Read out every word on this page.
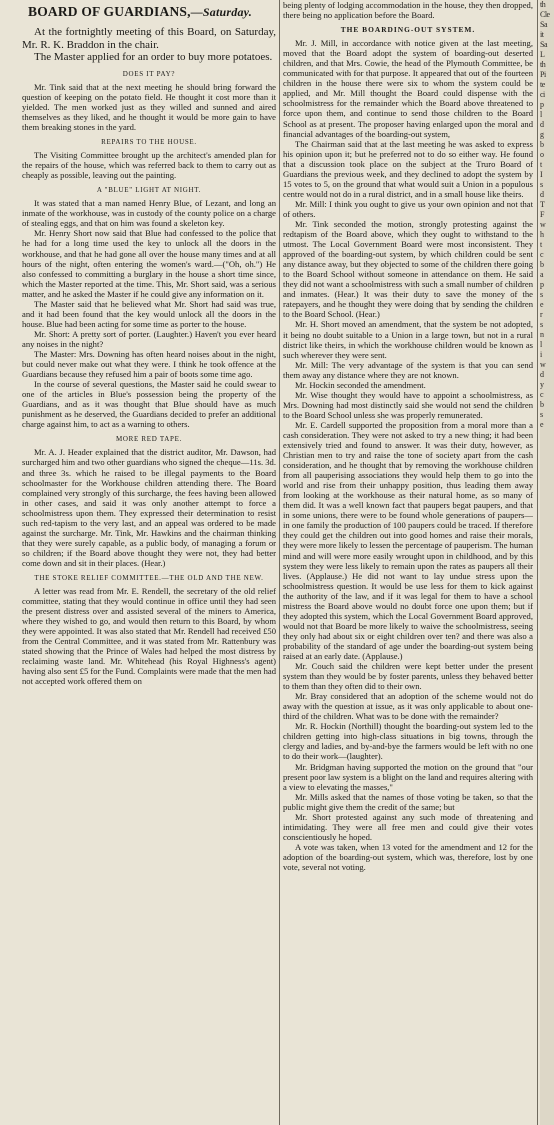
BOARD OF GUARDIANS,—Saturday.

At the fortnightly meeting of this Board, on Saturday, Mr. R. K. Braddon in the chair.

The Master applied for an order to buy more potatoes.

DOES IT PAY?

Mr. Tink said that at the next meeting he should bring forward the question of keeping on the potato field. He thought it cost more than it yielded. The men worked just as they willed and sunned and aired themselves as they liked, and he thought it would be more gain to have them breaking stones in the yard.

REPAIRS TO THE HOUSE.

The Visiting Committee brought up the architect's amended plan for the repairs of the house, which was referred back to them to carry out as cheaply as possible, leaving out the painting.

A "BLUE" LIGHT AT NIGHT.

It was stated that a man named Henry Blue, of Lezant, and long an inmate of the workhouse, was in custody of the county police on a charge of stealing eggs, and that on him was found a skeleton key.

Mr. Henry Short now said that Blue had confessed to the police that he had for a long time used the key to unlock all the doors in the workhouse, and that he had gone all over the house many times and at all hours of the night, often entering the women's ward.—("Oh, oh.") He also confessed to committing a burglary in the house a short time since, which the Master reported at the time. This, Mr. Short said, was a serious matter, and he asked the Master if he could give any information on it.

The Master said that he believed what Mr. Short had said was true, and it had been found that the key would unlock all the doors in the house. Blue had been acting for some time as porter to the house.

Mr. Short: A pretty sort of porter. (Laughter.) Haven't you ever heard any noises in the night?

The Master: Mrs. Downing has often heard noises about in the night, but could never make out what they were. I think he took offence at the Guardians because they refused him a pair of boots some time ago.

In the course of several questions, the Master said he could swear to one of the articles in Blue's possession being the property of the Guardians, and as it was thought that Blue should have as much punishment as he deserved, the Guardians decided to prefer an additional charge against him, to act as a warning to others.

MORE RED TAPE.

Mr. A. J. Header explained that the district auditor, Mr. Dawson, had surcharged him and two other guardians who signed the cheque—11s. 3d. and three 3s. which he raised to be illegal payments to the Board schoolmaster for the Workhouse children attending there. The Board complained very strongly of this surcharge, the fees having been allowed in other cases, and said it was only another attempt to force a schoolmistress upon them. They expressed their determination to resist such red-tapism to the very last, and an appeal was ordered to be made against the surcharge. Mr. Tink, Mr. Hawkins and the chairman thinking that they were surely capable, as a public body, of managing a forum or so children; if the Board above thought they were not, they had better come down and sit in their places. (Hear.)

THE STOKE RELIEF COMMITTEE.—THE OLD AND THE NEW.

A letter was read from Mr. E. Rendell, the secretary of the old relief committee, stating that they would continue in office until they had seen the present distress over and assisted several of the miners to America, where they wished to go, and would then return to this Board, by whom they were appointed. It was also stated that Mr. Rendell had received £50 from the Central Committee, and it was stated from Mr. Rattenbury was stated showing that the Prince of Wales had helped the most distress by reclaiming waste land. Mr. Whitehead (his Royal Highness's agent) having also sent £5 for the Fund. Complaints were made that the men had not accepted work offered them on

being plenty of lodging accommodation in the house, they then dropped, there being no application before the Board.

THE BOARDING-OUT SYSTEM.

Mr. J. Mill, in accordance with notice given at the last meeting, moved that the Board adopt the system of boarding-out deserted children, and that Mrs. Cowie, the head of the Plymouth Committee, be communicated with for that purpose. It appeared that out of the fourteen children in the house there were six to whom the system could be applied, and Mr. Mill thought the Board could dispense with the schoolmistress for the remainder which the Board above threatened to force upon them, and continue to send those children to the Board School as at present. The proposer having enlarged upon the moral and financial advantages of the boarding-out system,

The Chairman said that at the last meeting he was asked to express his opinion upon it; but he preferred not to do so either way. He found that a discussion took place on the subject at the Truro Board of Guardians the previous week, and they declined to adopt the system by 15 votes to 5, on the ground that what would suit a Union in a populous centre would not do in a rural district, and in a small house like theirs.

Mr. Mill: I think you ought to give us your own opinion and not that of others.

Mr. Tink seconded the motion, strongly protesting against the redtapism of the Board above, which they ought to withstand to the utmost. The Local Government Board were most inconsistent. They approved of the boarding-out system, by which children could be sent any distance away, but they objected to some of the children there going to the Board School without someone in attendance on them. He said they did not want a schoolmistress with such a small number of children and inmates. (Hear.) It was their duty to save the money of the ratepayers, and he thought they were doing that by sending the children to the Board School. (Hear.)

Mr. H. Short moved an amendment, that the system be not adopted, it being no doubt suitable to a Union in a large town, but not in a rural district like theirs, in which the workhouse children would be known as such wherever they were sent.

Mr. Mill: The very advantage of the system is that you can send them away any distance where they are not known.

Mr. Hockin seconded the amendment.

Mr. Wise thought they would have to appoint a schoolmistress, as Mrs. Downing had most distinctly said she would not send the children to the Board School unless she was properly remunerated.

Mr. E. Cardell supported the proposition from a moral more than a cash consideration. They were not asked to try a new thing; it had been extensively tried and found to answer. It was their duty, however, as Christian men to try and raise the tone of society apart from the cash consideration, and he thought that by removing the workhouse children from all pauperising associations they would help them to go into the world and rise from their unhappy position, thus leading them away from looking at the workhouse as their natural home, as so many of them did. It was a well known fact that paupers begat paupers, and that in some unions, there were to be found whole generations of paupers—in one family the production of 100 paupers could be traced. If therefore they could get the children out into good homes and raise their morals, they were more likely to lessen the percentage of pauperism. The human mind and will were more easily wrought upon in childhood, and by this system they were less likely to remain upon the rates as paupers all their lives. (Applause.) He did not want to lay undue stress upon the schoolmistress question. It would be use less for them to kick against the authority of the law, and if it was legal for them to have a school mistress the Board above would no doubt force one upon them; but if they adopted this system, which the Local Government Board approved, would not that Board be more likely to waive the schoolmistress, seeing they only had about six or eight children over ten? and there was also a probability of the standard of age under the boarding-out system being raised at an early date. (Applause.)

Mr. Couch said the children were kept better under the present system than they would be by foster parents, unless they behaved better to them than they often did to their own.

Mr. Bray considered that an adoption of the scheme would not do away with the question at issue, as it was only applicable to about one-third of the children. What was to be done with the remainder?

Mr. R. Hockin (Northill) thought the boarding-out system led to the children getting into high-class situations in big towns, through the clergy and ladies, and by-and-bye the farmers would be left with no one to do their work—(laughter).

Mr. Bridgman having supported the motion on the ground that "our present poor law system is a blight on the land and requires altering with a view to elevating the masses,"

Mr. Mills asked that the names of those voting be taken, so that the public might give them the credit of the same; but

Mr. Short protested against any such mode of threatening and intimidating. They were all free men and could give their votes conscientiously he hoped.

A vote was taken, when 13 voted for the amendment and 12 for the adoption of the boarding-out system, which was, therefore, lost by one vote, several not voting.

th
Cle
Sa
it
Sa
L
th
Pi
te
ci
p
l
d
g
b
o
t
I
s
d
T
F
w
h
t
c
b
a
p
s
e
r
s
n
l
i
w
d
y
c
b
s
e
